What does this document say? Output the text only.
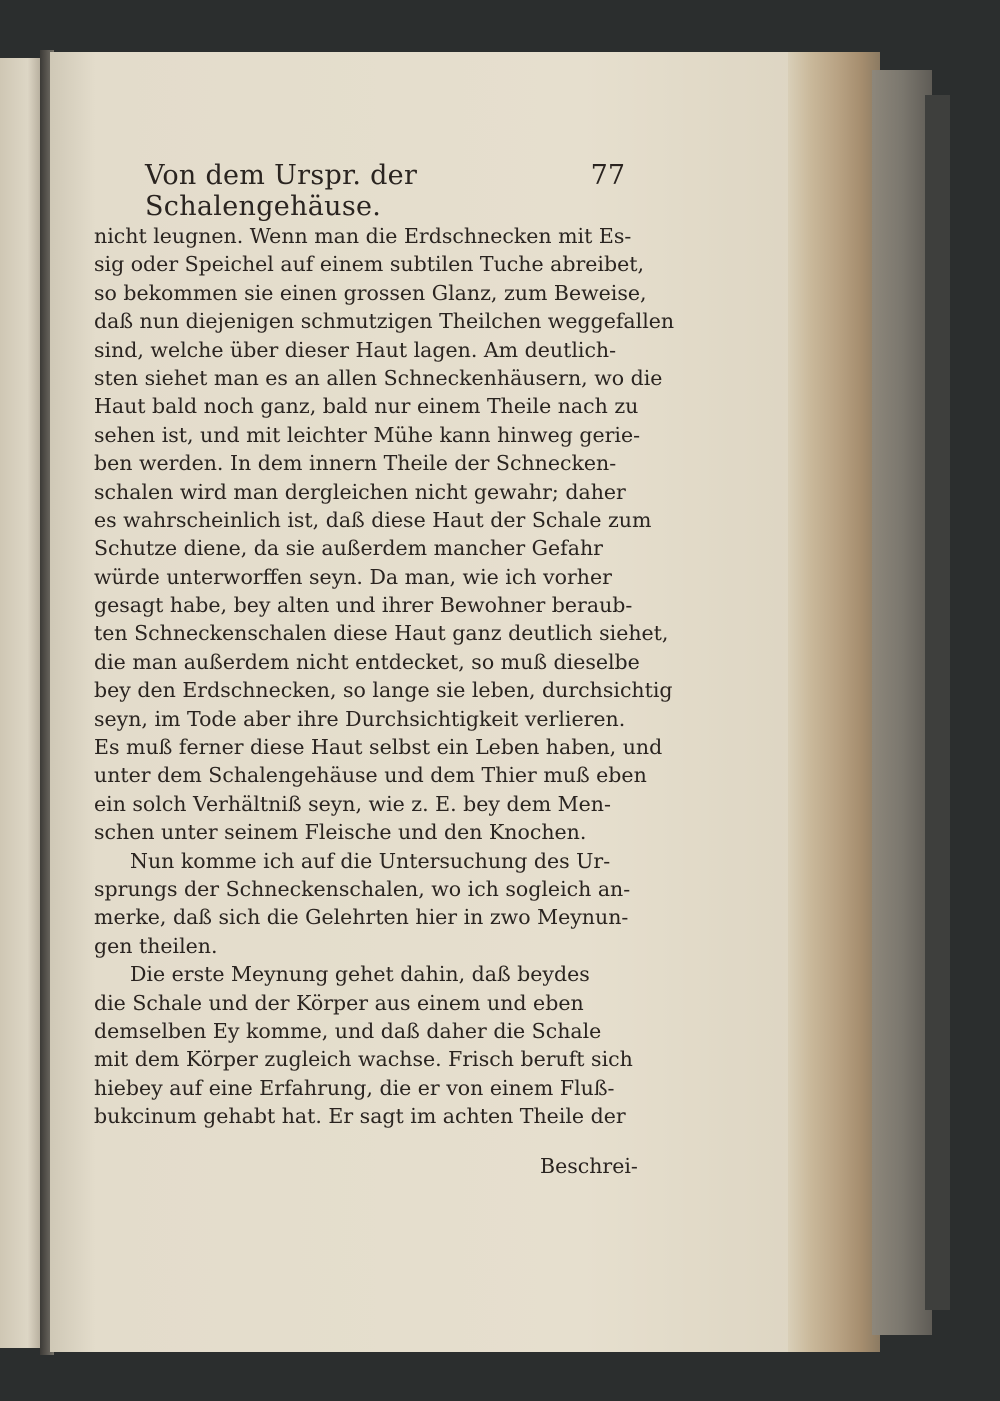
Von dem Urspr. der Schalengehäuse.
77
nicht leugnen. Wenn man die Erdschnecken mit Es-
sig oder Speichel auf einem subtilen Tuche abreibet,
so bekommen sie einen grossen Glanz, zum Beweise,
daß nun diejenigen schmutzigen Theilchen weggefallen
sind, welche über dieser Haut lagen. Am deutlich-
sten siehet man es an allen Schneckenhäusern, wo die
Haut bald noch ganz, bald nur einem Theile nach zu
sehen ist, und mit leichter Mühe kann hinweg gerie-
ben werden. In dem innern Theile der Schnecken-
schalen wird man dergleichen nicht gewahr; daher
es wahrscheinlich ist, daß diese Haut der Schale zum
Schutze diene, da sie außerdem mancher Gefahr
würde unterworffen seyn. Da man, wie ich vorher
gesagt habe, bey alten und ihrer Bewohner beraub-
ten Schneckenschalen diese Haut ganz deutlich siehet,
die man außerdem nicht entdecket, so muß dieselbe
bey den Erdschnecken, so lange sie leben, durchsichtig
seyn, im Tode aber ihre Durchsichtigkeit verlieren.
Es muß ferner diese Haut selbst ein Leben haben, und
unter dem Schalengehäuse und dem Thier muß eben
ein solch Verhältniß seyn, wie z. E. bey dem Men-
schen unter seinem Fleische und den Knochen.
Nun komme ich auf die Untersuchung des Ur-
sprungs der Schneckenschalen, wo ich sogleich an-
merke, daß sich die Gelehrten hier in zwo Meynun-
gen theilen.
Die erste Meynung gehet dahin, daß beydes
die Schale und der Körper aus einem und eben
demselben Ey komme, und daß daher die Schale
mit dem Körper zugleich wachse. Frisch beruft sich
hiebey auf eine Erfahrung, die er von einem Fluß-
bukcinum gehabt hat. Er sagt im achten Theile der
Beschrei-
